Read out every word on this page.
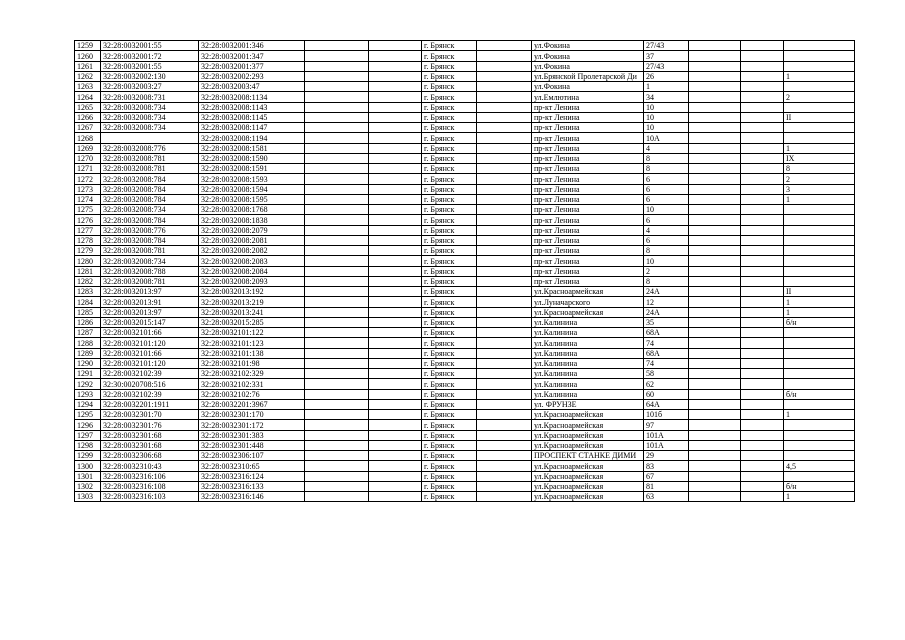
1259	32:28:0032001:55	32:28:0032001:346			г. Брянск		ул.Фокина	27/43			
1260	32:28:0032001:72	32:28:0032001:347			г. Брянск		ул.Фокина	37			
1261	32:28:0032001:55	32:28:0032001:377			г. Брянск		ул.Фокина	27/43			
1262	32:28:0032002:130	32:28:0032002:293			г. Брянск		ул.Брянской Пролетарской Ди	26			1
1263	32:28:0032003:27	32:28:0032003:47			г. Брянск		ул.Фокина	1			
1264	32:28:0032008:731	32:28:0032008:1134			г. Брянск		ул.Емлютина	34			2
1265	32:28:0032008:734	32:28:0032008:1143			г. Брянск		пр-кт Ленина	10			
1266	32:28:0032008:734	32:28:0032008:1145			г. Брянск		пр-кт Ленина	10			II
1267	32:28:0032008:734	32:28:0032008:1147			г. Брянск		пр-кт Ленина	10			
1268		32:28:0032008:1194			г. Брянск		пр-кт Ленина	10А			
1269	32:28:0032008:776	32:28:0032008:1581			г. Брянск		пр-кт Ленина	4			1
1270	32:28:0032008:781	32:28:0032008:1590			г. Брянск		пр-кт Ленина	8			IX
1271	32:28:0032008:781	32:28:0032008:1591			г. Брянск		пр-кт Ленина	8			8
1272	32:28:0032008:784	32:28:0032008:1593			г. Брянск		пр-кт Ленина	6			2
1273	32:28:0032008:784	32:28:0032008:1594			г. Брянск		пр-кт Ленина	6			3
1274	32:28:0032008:784	32:28:0032008:1595			г. Брянск		пр-кт Ленина	6			1
1275	32:28:0032008:734	32:28:0032008:1768			г. Брянск		пр-кт Ленина	10			
1276	32:28:0032008:784	32:28:0032008:1838			г. Брянск		пр-кт Ленина	6			
1277	32:28:0032008:776	32:28:0032008:2079			г. Брянск		пр-кт Ленина	4			
1278	32:28:0032008:784	32:28:0032008:2081			г. Брянск		пр-кт Ленина	6			
1279	32:28:0032008:781	32:28:0032008:2082			г. Брянск		пр-кт Ленина	8			
1280	32:28:0032008:734	32:28:0032008:2083			г. Брянск		пр-кт Ленина	10			
1281	32:28:0032008:788	32:28:0032008:2084			г. Брянск		пр-кт Ленина	2			
1282	32:28:0032008:781	32:28:0032008:2093			г. Брянск		пр-кт Ленина	8			
1283	32:28:0032013:97	32:28:0032013:192			г. Брянск		ул.Красноармейская	24А			II
1284	32:28:0032013:91	32:28:0032013:219			г. Брянск		ул.Луначарского	12			1
1285	32:28:0032013:97	32:28:0032013:241			г. Брянск		ул.Красноармейская	24А			1
1286	32:28:0032015:147	32:28:0032015:285			г. Брянск		ул.Калинина	35			б/н
1287	32:28:0032101:66	32:28:0032101:122			г. Брянск		ул.Калинина	68А			
1288	32:28:0032101:120	32:28:0032101:123			г. Брянск		ул.Калинина	74			
1289	32:28:0032101:66	32:28:0032101:138			г. Брянск		ул.Калинина	68А			
1290	32:28:0032101:120	32:28:0032101:98			г. Брянск		ул.Калинина	74			
1291	32:28:0032102:39	32:28:0032102:329			г. Брянск		ул.Калинина	58			
1292	32:30:0020708:516	32:28:0032102:331			г. Брянск		ул.Калинина	62			
1293	32:28:0032102:39	32:28:0032102:76			г. Брянск		ул.Калинина	60			б/н
1294	32:28:0032201:1911	32:28:0032201:3967			г. Брянск		ул. ФРУНЗЕ	64А			
1295	32:28:0032301:70	32:28:0032301:170			г. Брянск		ул.Красноармейская	101б			1
1296	32:28:0032301:76	32:28:0032301:172			г. Брянск		ул.Красноармейская	97			
1297	32:28:0032301:68	32:28:0032301:383			г. Брянск		ул.Красноармейская	101А			
1298	32:28:0032301:68	32:28:0032301:448			г. Брянск		ул.Красноармейская	101А			
1299	32:28:0032306:68	32:28:0032306:107			г. Брянск		ПРОСПЕКТ СТАНКЕ ДИМИ	29			
1300	32:28:0032310:43	32:28:0032310:65			г. Брянск		ул.Красноармейская	83			4,5
1301	32:28:0032316:106	32:28:0032316:124			г. Брянск		ул.Красноармейская	67			
1302	32:28:0032316:108	32:28:0032316:133			г. Брянск		ул.Красноармейская	81			б/н
1303	32:28:0032316:103	32:28:0032316:146			г. Брянск		ул.Красноармейская	63			1
